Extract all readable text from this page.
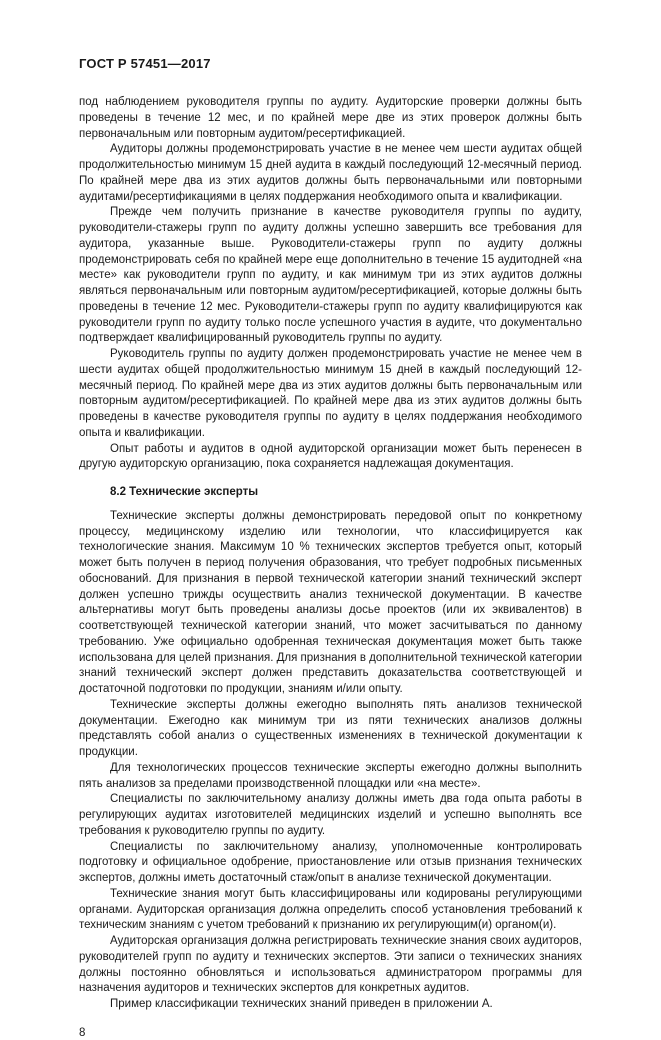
ГОСТ Р 57451—2017

под наблюдением руководителя группы по аудиту. Аудиторские проверки должны быть проведены в течение 12 мес, и по крайней мере две из этих проверок должны быть первоначальным или повторным аудитом/ресертификацией.

Аудиторы должны продемонстрировать участие в не менее чем шести аудитах общей продолжительностью минимум 15 дней аудита в каждый последующий 12-месячный период. По крайней мере два из этих аудитов должны быть первоначальными или повторными аудитами/ресертификациями в целях поддержания необходимого опыта и квалификации.

Прежде чем получить признание в качестве руководителя группы по аудиту, руководители-стажеры групп по аудиту должны успешно завершить все требования для аудитора, указанные выше. Руководители-стажеры групп по аудиту должны продемонстрировать себя по крайней мере еще дополнительно в течение 15 аудитодней «на месте» как руководители групп по аудиту, и как минимум три из этих аудитов должны являться первоначальным или повторным аудитом/ресертификацией, которые должны быть проведены в течение 12 мес. Руководители-стажеры групп по аудиту квалифицируются как руководители групп по аудиту только после успешного участия в аудите, что документально подтверждает квалифицированный руководитель группы по аудиту.

Руководитель группы по аудиту должен продемонстрировать участие не менее чем в шести аудитах общей продолжительностью минимум 15 дней в каждый последующий 12-месячный период. По крайней мере два из этих аудитов должны быть первоначальным или повторным аудитом/ресертификацией. По крайней мере два из этих аудитов должны быть проведены в качестве руководителя группы по аудиту в целях поддержания необходимого опыта и квалификации.

Опыт работы и аудитов в одной аудиторской организации может быть перенесен в другую аудиторскую организацию, пока сохраняется надлежащая документация.

8.2 Технические эксперты

Технические эксперты должны демонстрировать передовой опыт по конкретному процессу, медицинскому изделию или технологии, что классифицируется как технологические знания. Максимум 10 % технических экспертов требуется опыт, который может быть получен в период получения образования, что требует подробных письменных обоснований. Для признания в первой технической категории знаний технический эксперт должен успешно трижды осуществить анализ технической документации. В качестве альтернативы могут быть проведены анализы досье проектов (или их эквивалентов) в соответствующей технической категории знаний, что может засчитываться по данному требованию. Уже официально одобренная техническая документация может быть также использована для целей признания. Для признания в дополнительной технической категории знаний технический эксперт должен представить доказательства соответствующей и достаточной подготовки по продукции, знаниям и/или опыту.

Технические эксперты должны ежегодно выполнять пять анализов технической документации. Ежегодно как минимум три из пяти технических анализов должны представлять собой анализ о существенных изменениях в технической документации к продукции.

Для технологических процессов технические эксперты ежегодно должны выполнить пять анализов за пределами производственной площадки или «на месте».

Специалисты по заключительному анализу должны иметь два года опыта работы в регулирующих аудитах изготовителей медицинских изделий и успешно выполнять все требования к руководителю группы по аудиту.

Специалисты по заключительному анализу, уполномоченные контролировать подготовку и официальное одобрение, приостановление или отзыв признания технических экспертов, должны иметь достаточный стаж/опыт в анализе технической документации.

Технические знания могут быть классифицированы или кодированы регулирующими органами. Аудиторская организация должна определить способ установления требований к техническим знаниям с учетом требований к признанию их регулирующим(и) органом(и).

Аудиторская организация должна регистрировать технические знания своих аудиторов, руководителей групп по аудиту и технических экспертов. Эти записи о технических знаниях должны постоянно обновляться и использоваться администратором программы для назначения аудиторов и технических экспертов для конкретных аудитов.

Пример классификации технических знаний приведен в приложении А.

8
